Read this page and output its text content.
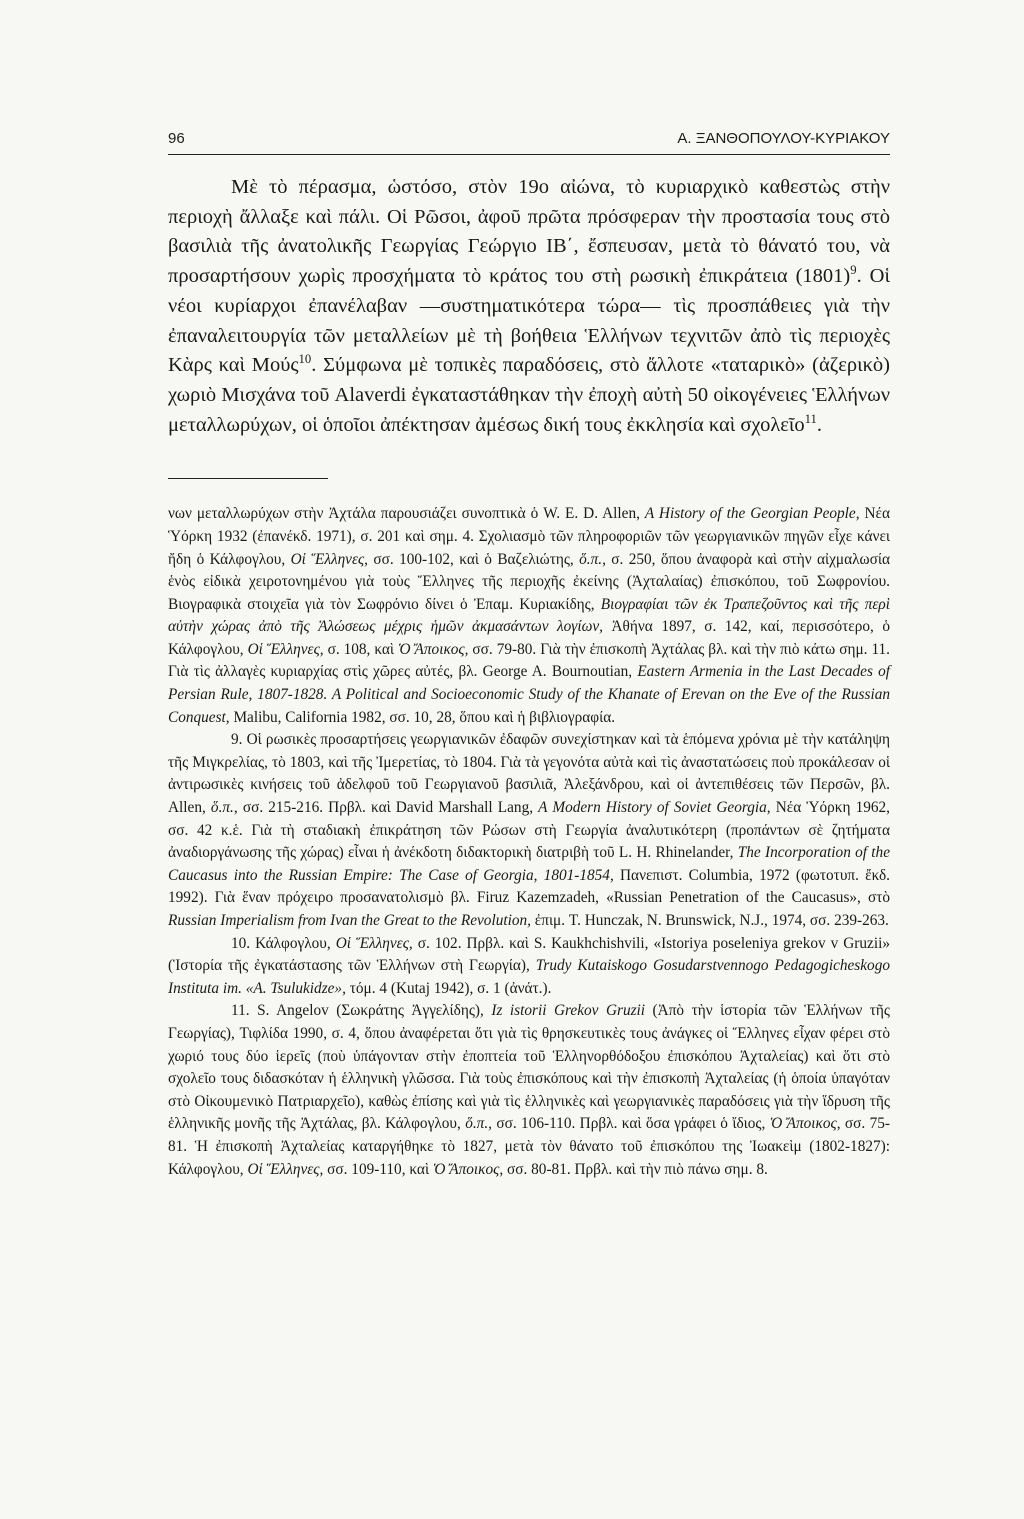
96	Α. ΞΑΝΘΟΠΟΥΛΟΥ-ΚΥΡΙΑΚΟΥ

Μὲ τὸ πέρασμα, ὡστόσο, στὸν 19ο αἰώνα, τὸ κυριαρχικὸ καθεστὼς στὴν περιοχὴ ἄλλαξε καὶ πάλι. Οἱ Ρῶσοι, ἀφοῦ πρῶτα πρόσφεραν τὴν προστασία τους στὸ βασιλιὰ τῆς ἀνατολικῆς Γεωργίας Γεώργιο ΙΒ΄, ἔσπευσαν, μετὰ τὸ θάνατό του, νὰ προσαρτήσουν χωρὶς προσχήματα τὸ κράτος του στὴ ρωσικὴ ἐπικράτεια $(1801)^9$. Οἱ νέοι κυρίαρχοι ἐπανέλαβαν —συστηματικότερα τώρα— τὶς προσπάθειες γιὰ τὴν ἐπαναλειτουργία τῶν μεταλλείων μὲ τὴ βοήθεια Ἑλλήνων τεχνιτῶν ἀπὸ τὶς περιοχὲς Κὰρς καὶ Μούς$^{10}$. Σύμφωνα μὲ τοπικὲς παραδόσεις, στὸ ἄλλοτε «ταταρικὸ» (ἀζερικὸ) χωριὸ Μισχάνα τοῦ Alaverdi ἐγκαταστάθηκαν τὴν ἐποχὴ αὐτὴ 50 οἰκογένειες Ἑλλήνων μεταλλωρύχων, οἱ ὁποῖοι ἀπέκτησαν ἀμέσως δική τους ἐκκλησία καὶ σχολεῖο$^{11}$.

νων μεταλλωρύχων στὴν Ἀχτάλα παρουσιάζει συνοπτικὰ ὁ W. E. D. Allen, A History of the Georgian People, Νέα Ὑόρκη 1932 (ἐπανέκδ. 1971), σ. 201 καὶ σημ. 4. Σχολιασμὸ τῶν πληροφοριῶν τῶν γεωργιανικῶν πηγῶν εἶχε κάνει ἤδη ὁ Κάλφογλου, Οἱ Ἕλληνες, σσ. 100-102, καὶ ὁ Βαζελιώτης, ὅ.π., σ. 250, ὅπου ἀναφορὰ καὶ στὴν αἰχμαλωσία ἑνὸς εἰδικὰ χειροτονημένου γιὰ τοὺς Ἕλληνες τῆς περιοχῆς ἐκείνης (Ἀχταλαίας) ἐπισκόπου, τοῦ Σωφρονίου. Βιογραφικὰ στοιχεῖα γιὰ τὸν Σωφρόνιο δίνει ὁ Ἐπαμ. Κυριακίδης, Βιογραφίαι τῶν ἐκ Τραπεζοῦντος καὶ τῆς περὶ αὐτὴν χώρας ἀπὸ τῆς Ἁλώσεως μέχρις ἡμῶν ἀκμασάντων λογίων, Ἀθήνα 1897, σ. 142, καί, περισσότερο, ὁ Κάλφογλου, Οἱ Ἕλληνες, σ. 108, καὶ Ὁ Ἄποικος, σσ. 79-80. Γιὰ τὴν ἐπισκοπὴ Ἀχτάλας βλ. καὶ τὴν πιὸ κάτω σημ. 11. Γιὰ τὶς ἀλλαγὲς κυριαρχίας στὶς χῶρες αὐτές, βλ. George A. Bournoutian, Eastern Armenia in the Last Decades of Persian Rule, 1807-1828. A Political and Socioeconomic Study of the Khanate of Erevan on the Eve of the Russian Conquest, Malibu, California 1982, σσ. 10, 28, ὅπου καὶ ἡ βιβλιογραφία.

9. Οἱ ρωσικὲς προσαρτήσεις γεωργιανικῶν ἐδαφῶν συνεχίστηκαν καὶ τὰ ἑπόμενα χρόνια μὲ τὴν κατάληψη τῆς Μιγκρελίας, τὸ 1803, καὶ τῆς Ἰμερετίας, τὸ 1804. Γιὰ τὰ γεγονότα αὐτὰ καὶ τὶς ἀναστατώσεις ποὺ προκάλεσαν οἱ ἀντιρωσικὲς κινήσεις τοῦ ἀδελφοῦ τοῦ Γεωργιανοῦ βασιλιᾶ, Ἀλεξάνδρου, καὶ οἱ ἀντεπιθέσεις τῶν Περσῶν, βλ. Allen, ὅ.π., σσ. 215-216. Πρβλ. καὶ David Marshall Lang, A Modern History of Soviet Georgia, Νέα Ὑόρκη 1962, σσ. 42 κ.ἑ. Γιὰ τὴ σταδιακὴ ἐπικράτηση τῶν Ρώσων στὴ Γεωργία ἀναλυτικότερη (προπάντων σὲ ζητήματα ἀναδιοργάνωσης τῆς χώρας) εἶναι ἡ ἀνέκδοτη διδακτορικὴ διατριβὴ τοῦ L. H. Rhinelander, The Incorporation of the Caucasus into the Russian Empire: The Case of Georgia, 1801-1854, Πανεπιστ. Columbia, 1972 (φωτοτυπ. ἔκδ. 1992). Γιὰ ἕναν πρόχειρο προσανατολισμὸ βλ. Firuz Kazemzadeh, «Russian Penetration of the Caucasus», στὸ Russian Imperialism from Ivan the Great to the Revolution, ἐπιμ. T. Hunczak, N. Brunswick, N.J., 1974, σσ. 239-263.

10. Κάλφογλου, Οἱ Ἕλληνες, σ. 102. Πρβλ. καὶ S. Kaukhchishvili, «Istoriya poseleniya grekov v Gruzii» (Ἱστορία τῆς ἐγκατάστασης τῶν Ἑλλήνων στὴ Γεωργία), Trudy Kutaiskogo Gosudarstvennogo Pedagogicheskogo Instituta im. «A. Tsulukidze», τόμ. 4 (Kutaj 1942), σ. 1 (ἀνάτ.).

11. S. Angelov (Σωκράτης Ἀγγελίδης), Iz istorii Grekov Gruzii (Ἀπὸ τὴν ἱστορία τῶν Ἑλλήνων τῆς Γεωργίας), Τιφλίδα 1990, σ. 4, ὅπου ἀναφέρεται ὅτι γιὰ τὶς θρησκευτικὲς τους ἀνάγκες οἱ Ἕλληνες εἶχαν φέρει στὸ χωριό τους δύο ἱερεῖς (ποὺ ὑπάγονταν στὴν ἐποπτεία τοῦ Ἑλληνορθόδοξου ἐπισκόπου Ἀχταλείας) καὶ ὅτι στὸ σχολεῖο τους διδασκόταν ἡ ἑλληνικὴ γλῶσσα. Γιὰ τοὺς ἐπισκόπους καὶ τὴν ἐπισκοπὴ Ἀχταλείας (ἡ ὁποία ὑπαγόταν στὸ Οἰκουμενικὸ Πατριαρχεῖο), καθὼς ἐπίσης καὶ γιὰ τὶς ἑλληνικὲς καὶ γεωργιανικὲς παραδόσεις γιὰ τὴν ἵδρυση τῆς ἑλληνικῆς μονῆς τῆς Ἀχτάλας, βλ. Κάλφογλου, ὅ.π., σσ. 106-110. Πρβλ. καὶ ὅσα γράφει ὁ ἴδιος, Ὁ Ἄποικος, σσ. 75-81. Ἡ ἐπισκοπὴ Ἀχταλείας καταργήθηκε τὸ 1827, μετὰ τὸν θάνατο τοῦ ἐπισκόπου της Ἰωακεὶμ (1802-1827): Κάλφογλου, Οἱ Ἕλληνες, σσ. 109-110, καὶ Ὁ Ἄποικος, σσ. 80-81. Πρβλ. καὶ τὴν πιὸ πάνω σημ. 8.
